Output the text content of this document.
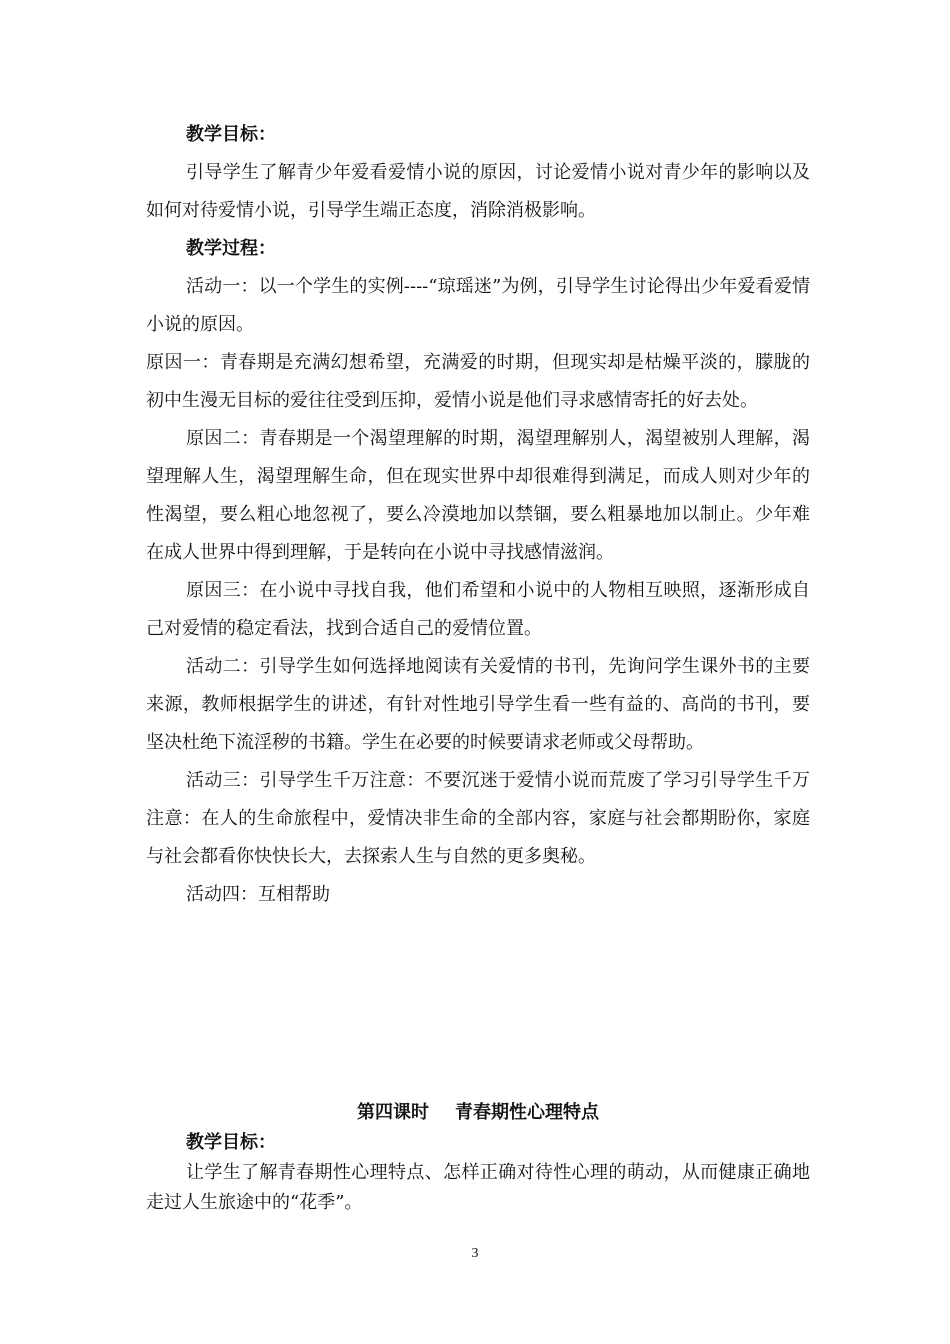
教学目标：

引导学生了解青少年爱看爱情小说的原因，讨论爱情小说对青少年的影响以及如何对待爱情小说，引导学生端正态度，消除消极影响。

教学过程：

活动一：以一个学生的实例----“琼瑶迷”为例，引导学生讨论得出少年爱看爱情小说的原因。

原因一：青春期是充满幻想希望，充满爱的时期，但现实却是枯燥平淡的，朦胧的初中生漫无目标的爱往往受到压抑，爱情小说是他们寻求感情寄托的好去处。

原因二：青春期是一个渴望理解的时期，渴望理解别人，渴望被别人理解，渴望理解人生，渴望理解生命，但在现实世界中却很难得到满足，而成人则对少年的性渴望，要么粗心地忽视了，要么冷漠地加以禁锢，要么粗暴地加以制止。少年难在成人世界中得到理解，于是转向在小说中寻找感情滋润。

原因三：在小说中寻找自我，他们希望和小说中的人物相互映照，逐渐形成自己对爱情的稳定看法，找到合适自己的爱情位置。

活动二：引导学生如何选择地阅读有关爱情的书刊，先询问学生课外书的主要来源，教师根据学生的讲述，有针对性地引导学生看一些有益的、高尚的书刊，要坚决杜绝下流淫秽的书籍。学生在必要的时候要请求老师或父母帮助。

活动三：引导学生千万注意：不要沉迷于爱情小说而荒废了学习引导学生千万注意：在人的生命旅程中，爱情决非生命的全部内容，家庭与社会都期盼你，家庭与社会都看你快快长大，去探索人生与自然的更多奥秘。

活动四：互相帮助

第四课时 青春期性心理特点

教学目标：

让学生了解青春期性心理特点、怎样正确对待性心理的萌动，从而健康正确地走过人生旅途中的“花季”。

3
